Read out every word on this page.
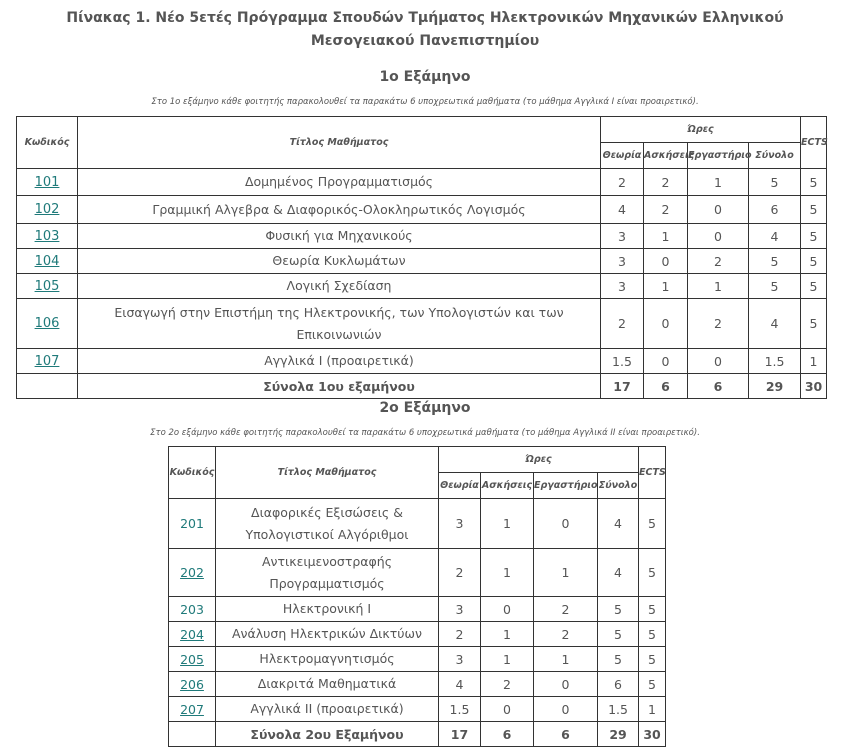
Πίνακας 1. Νέο 5ετές Πρόγραμμα Σπουδών Τμήματος Ηλεκτρονικών Μηχανικών Ελληνικού Μεσογειακού Πανεπιστημίου
1ο Εξάμηνο
Στο 1ο εξάμηνο κάθε φοιτητής παρακολουθεί τα παρακάτω 6 υποχρεωτικά μαθήματα (το μάθημα Αγγλικά Ι είναι προαιρετικό).
Κωδικός	Τίτλος Μαθήματος	Ώρες				ECTS
		Θεωρία	Ασκήσεις	Εργαστήριο	Σύνολο	
101	Δομημένος Προγραμματισμός	2	2	1	5	5
102	Γραμμική Αλγεβρα & Διαφορικός-Ολοκληρωτικός Λογισμός	4	2	0	6	5
103	Φυσική για Μηχανικούς	3	1	0	4	5
104	Θεωρία Κυκλωμάτων	3	0	2	5	5
105	Λογική Σχεδίαση	3	1	1	5	5
106	Εισαγωγή στην Επιστήμη της Ηλεκτρονικής, των Υπολογιστών και των Επικοινωνιών	2	0	2	4	5
107	Αγγλικά Ι (προαιρετικά)	1.5	0	0	1.5	1
	Σύνολα 1ου εξαμήνου	17	6	6	29	30
2ο Εξάμηνο
Στο 2ο εξάμηνο κάθε φοιτητής παρακολουθεί τα παρακάτω 6 υποχρεωτικά μαθήματα (το μάθημα Αγγλικά ΙΙ είναι προαιρετικό).
Κωδικός	Τίτλος Μαθήματος	Ώρες				ECTS
		Θεωρία	Ασκήσεις	Εργαστήριο	Σύνολο	
201	Διαφορικές Εξισώσεις & Υπολογιστικοί Αλγόριθμοι	3	1	0	4	5
202	Αντικειμενοστραφής Προγραμματισμός	2	1	1	4	5
203	Ηλεκτρονική Ι	3	0	2	5	5
204	Ανάλυση Ηλεκτρικών Δικτύων	2	1	2	5	5
205	Ηλεκτρομαγνητισμός	3	1	1	5	5
206	Διακριτά Μαθηματικά	4	2	0	6	5
207	Αγγλικά ΙΙ (προαιρετικά)	1.5	0	0	1.5	1
	Σύνολα 2ου Εξαμήνου	17	6	6	29	30
